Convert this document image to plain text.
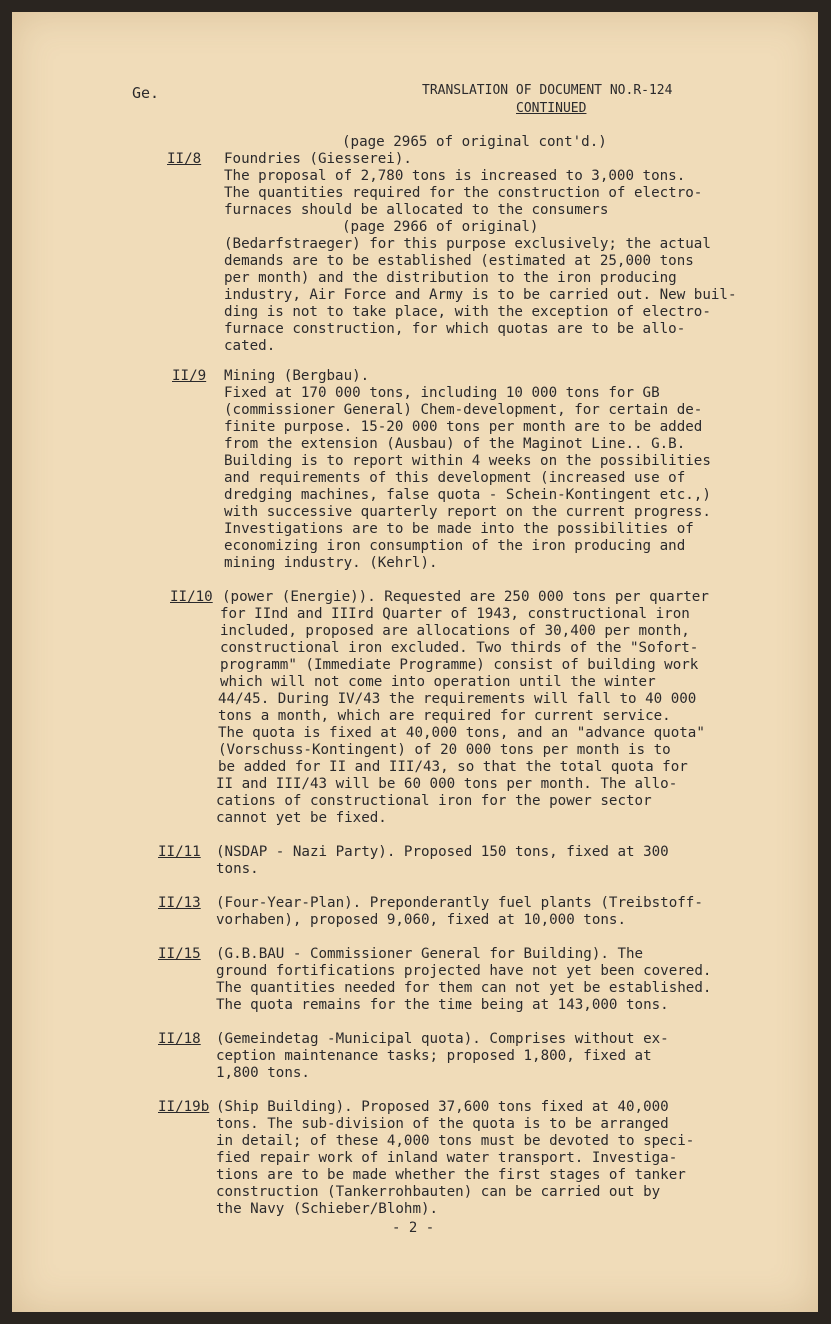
Ge.	TRANSLATION OF DOCUMENT NO.R-124
CONTINUED
(page 2965 of original cont'd.)
II/8 Foundries (Giesserei).
The proposal of 2,780 tons is increased to 3,000 tons.
The quantities required for the construction of electro-
furnaces should be allocated to the consumers
(page 2966 of original)
(Bedarfstraeger) for this purpose exclusively; the actual
demands are to be established (estimated at 25,000 tons
per month) and the distribution to the iron producing
industry, Air Force and Army is to be carried out. New buil-
ding is not to take place, with the exception of electro-
furnace construction, for which quotas are to be allo-
cated.
II/9 Mining (Bergbau).
Fixed at 170 000 tons, including 10 000 tons for GB
(commissioner General) Chem-development, for certain de-
finite purpose. 15-20 000 tons per month are to be added
from the extension (Ausbau) of the Maginot Line.. G.B.
Building is to report within 4 weeks on the possibilities
and requirements of this development (increased use of
dredging machines, false quota - Schein-Kontingent etc.,)
with successive quarterly report on the current progress.
Investigations are to be made into the possibilities of
economizing iron consumption of the iron producing and
mining industry. (Kehrl).
II/10 (power (Energie)). Requested are 250 000 tons per quarter
for IInd and IIIrd Quarter of 1943, constructional iron
included, proposed are allocations of 30,400 per month,
constructional iron excluded. Two thirds of the "Sofort-
programm" (Immediate Programme) consist of building work
which will not come into operation until the winter
44/45. During IV/43 the requirements will fall to 40 000
tons a month, which are required for current service.
The quota is fixed at 40,000 tons, and an "advance quota"
(Vorschuss-Kontingent) of 20 000 tons per month is to
be added for II and III/43, so that the total quota for
II and III/43 will be 60 000 tons per month. The allo-
cations of constructional iron for the power sector
cannot yet be fixed.
II/11 (NSDAP - Nazi Party). Proposed 150 tons, fixed at 300
tons.
II/13 (Four-Year-Plan). Preponderantly fuel plants (Treibstoff-
vorhaben), proposed 9,060, fixed at 10,000 tons.
II/15 (G.B.BAU - Commissioner General for Building). The
ground fortifications projected have not yet been covered.
The quantities needed for them can not yet be established.
The quota remains for the time being at 143,000 tons.
II/18 (Gemeindetag -Municipal quota). Comprises without ex-
ception maintenance tasks; proposed 1,800, fixed at
1,800 tons.
II/19b (Ship Building). Proposed 37,600 tons fixed at 40,000
tons. The sub-division of the quota is to be arranged
in detail; of these 4,000 tons must be devoted to speci-
fied repair work of inland water transport. Investiga-
tions are to be made whether the first stages of tanker
construction (Tankerrohbauten) can be carried out by
the Navy (Schieber/Blohm).
- 2 -
